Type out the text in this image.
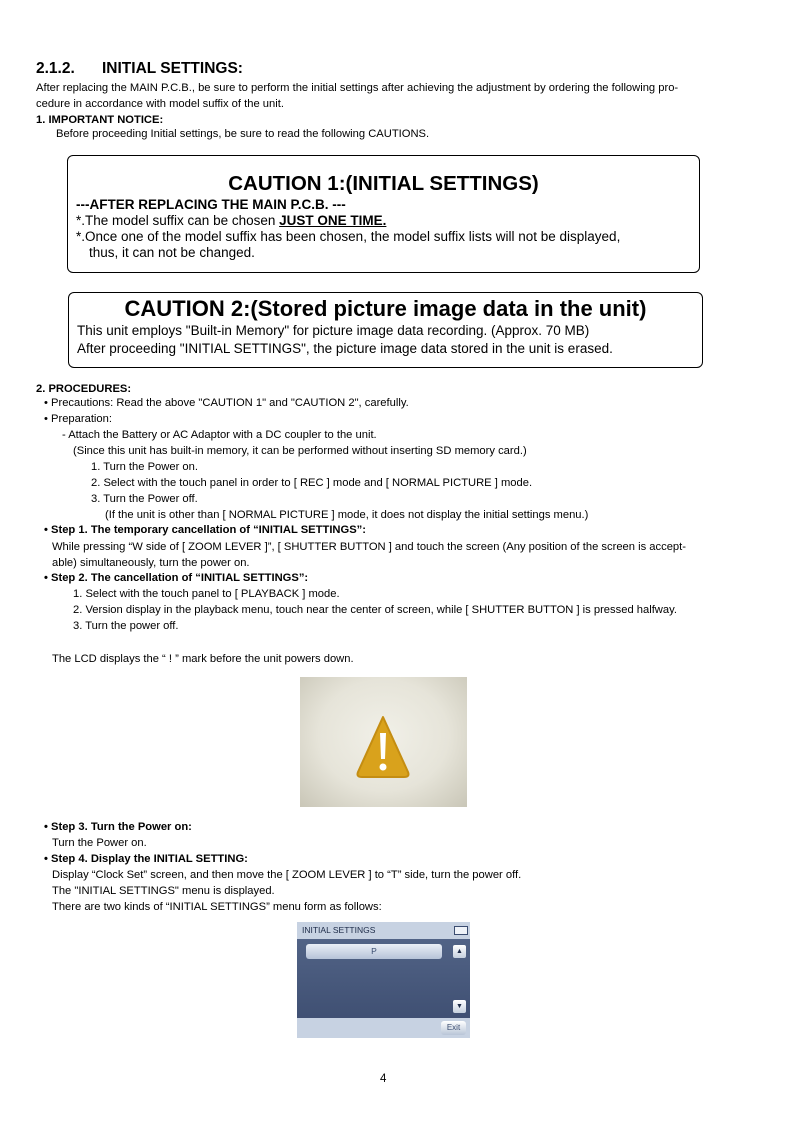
2.1.2. INITIAL SETTINGS:
After replacing the MAIN P.C.B., be sure to perform the initial settings after achieving the adjustment by ordering the following pro-
cedure in accordance with model suffix of the unit.
1. IMPORTANT NOTICE:
Before proceeding Initial settings, be sure to read the following CAUTIONS.
CAUTION 1:(INITIAL SETTINGS)
---AFTER REPLACING THE MAIN P.C.B. ---
*.The model suffix can be chosen JUST ONE TIME.
*.Once one of the model suffix has been chosen, the model suffix lists will not be displayed,
thus, it can not be changed.
CAUTION 2:(Stored picture image data in the unit)
This unit employs "Built-in Memory" for picture image data recording. (Approx. 70 MB)
After proceeding "INITIAL SETTINGS", the picture image data stored in the unit is erased.
2. PROCEDURES:
• Precautions: Read the above "CAUTION 1" and "CAUTION 2", carefully.
• Preparation:
- Attach the Battery or AC Adaptor with a DC coupler to the unit.
(Since this unit has built-in memory, it can be performed without inserting SD memory card.)
1. Turn the Power on.
2. Select with the touch panel in order to [ REC ] mode and [ NORMAL PICTURE ] mode.
3. Turn the Power off.
(If the unit is other than [ NORMAL PICTURE ] mode, it does not display the initial settings menu.)
• Step 1. The temporary cancellation of “INITIAL SETTINGS”:
While pressing “W side of [ ZOOM LEVER ]”, [ SHUTTER BUTTON ] and touch the screen (Any position of the screen is accept-
able) simultaneously, turn the power on.
• Step 2. The cancellation of “INITIAL SETTINGS”:
1. Select with the touch panel to [ PLAYBACK ] mode.
2. Version display in the playback menu, touch near the center of screen, while [ SHUTTER BUTTON ] is pressed halfway.
3. Turn the power off.
The LCD displays the “ ! ” mark before the unit powers down.
• Step 3. Turn the Power on:
Turn the Power on.
• Step 4. Display the INITIAL SETTING:
Display “Clock Set” screen, and then move the [ ZOOM LEVER ] to “T” side, turn the power off.
The "INITIAL SETTINGS" menu is displayed.
There are two kinds of “INITIAL SETTINGS” menu form as follows:
INITIAL SETTINGS
P	▲
▼
Exit
4
